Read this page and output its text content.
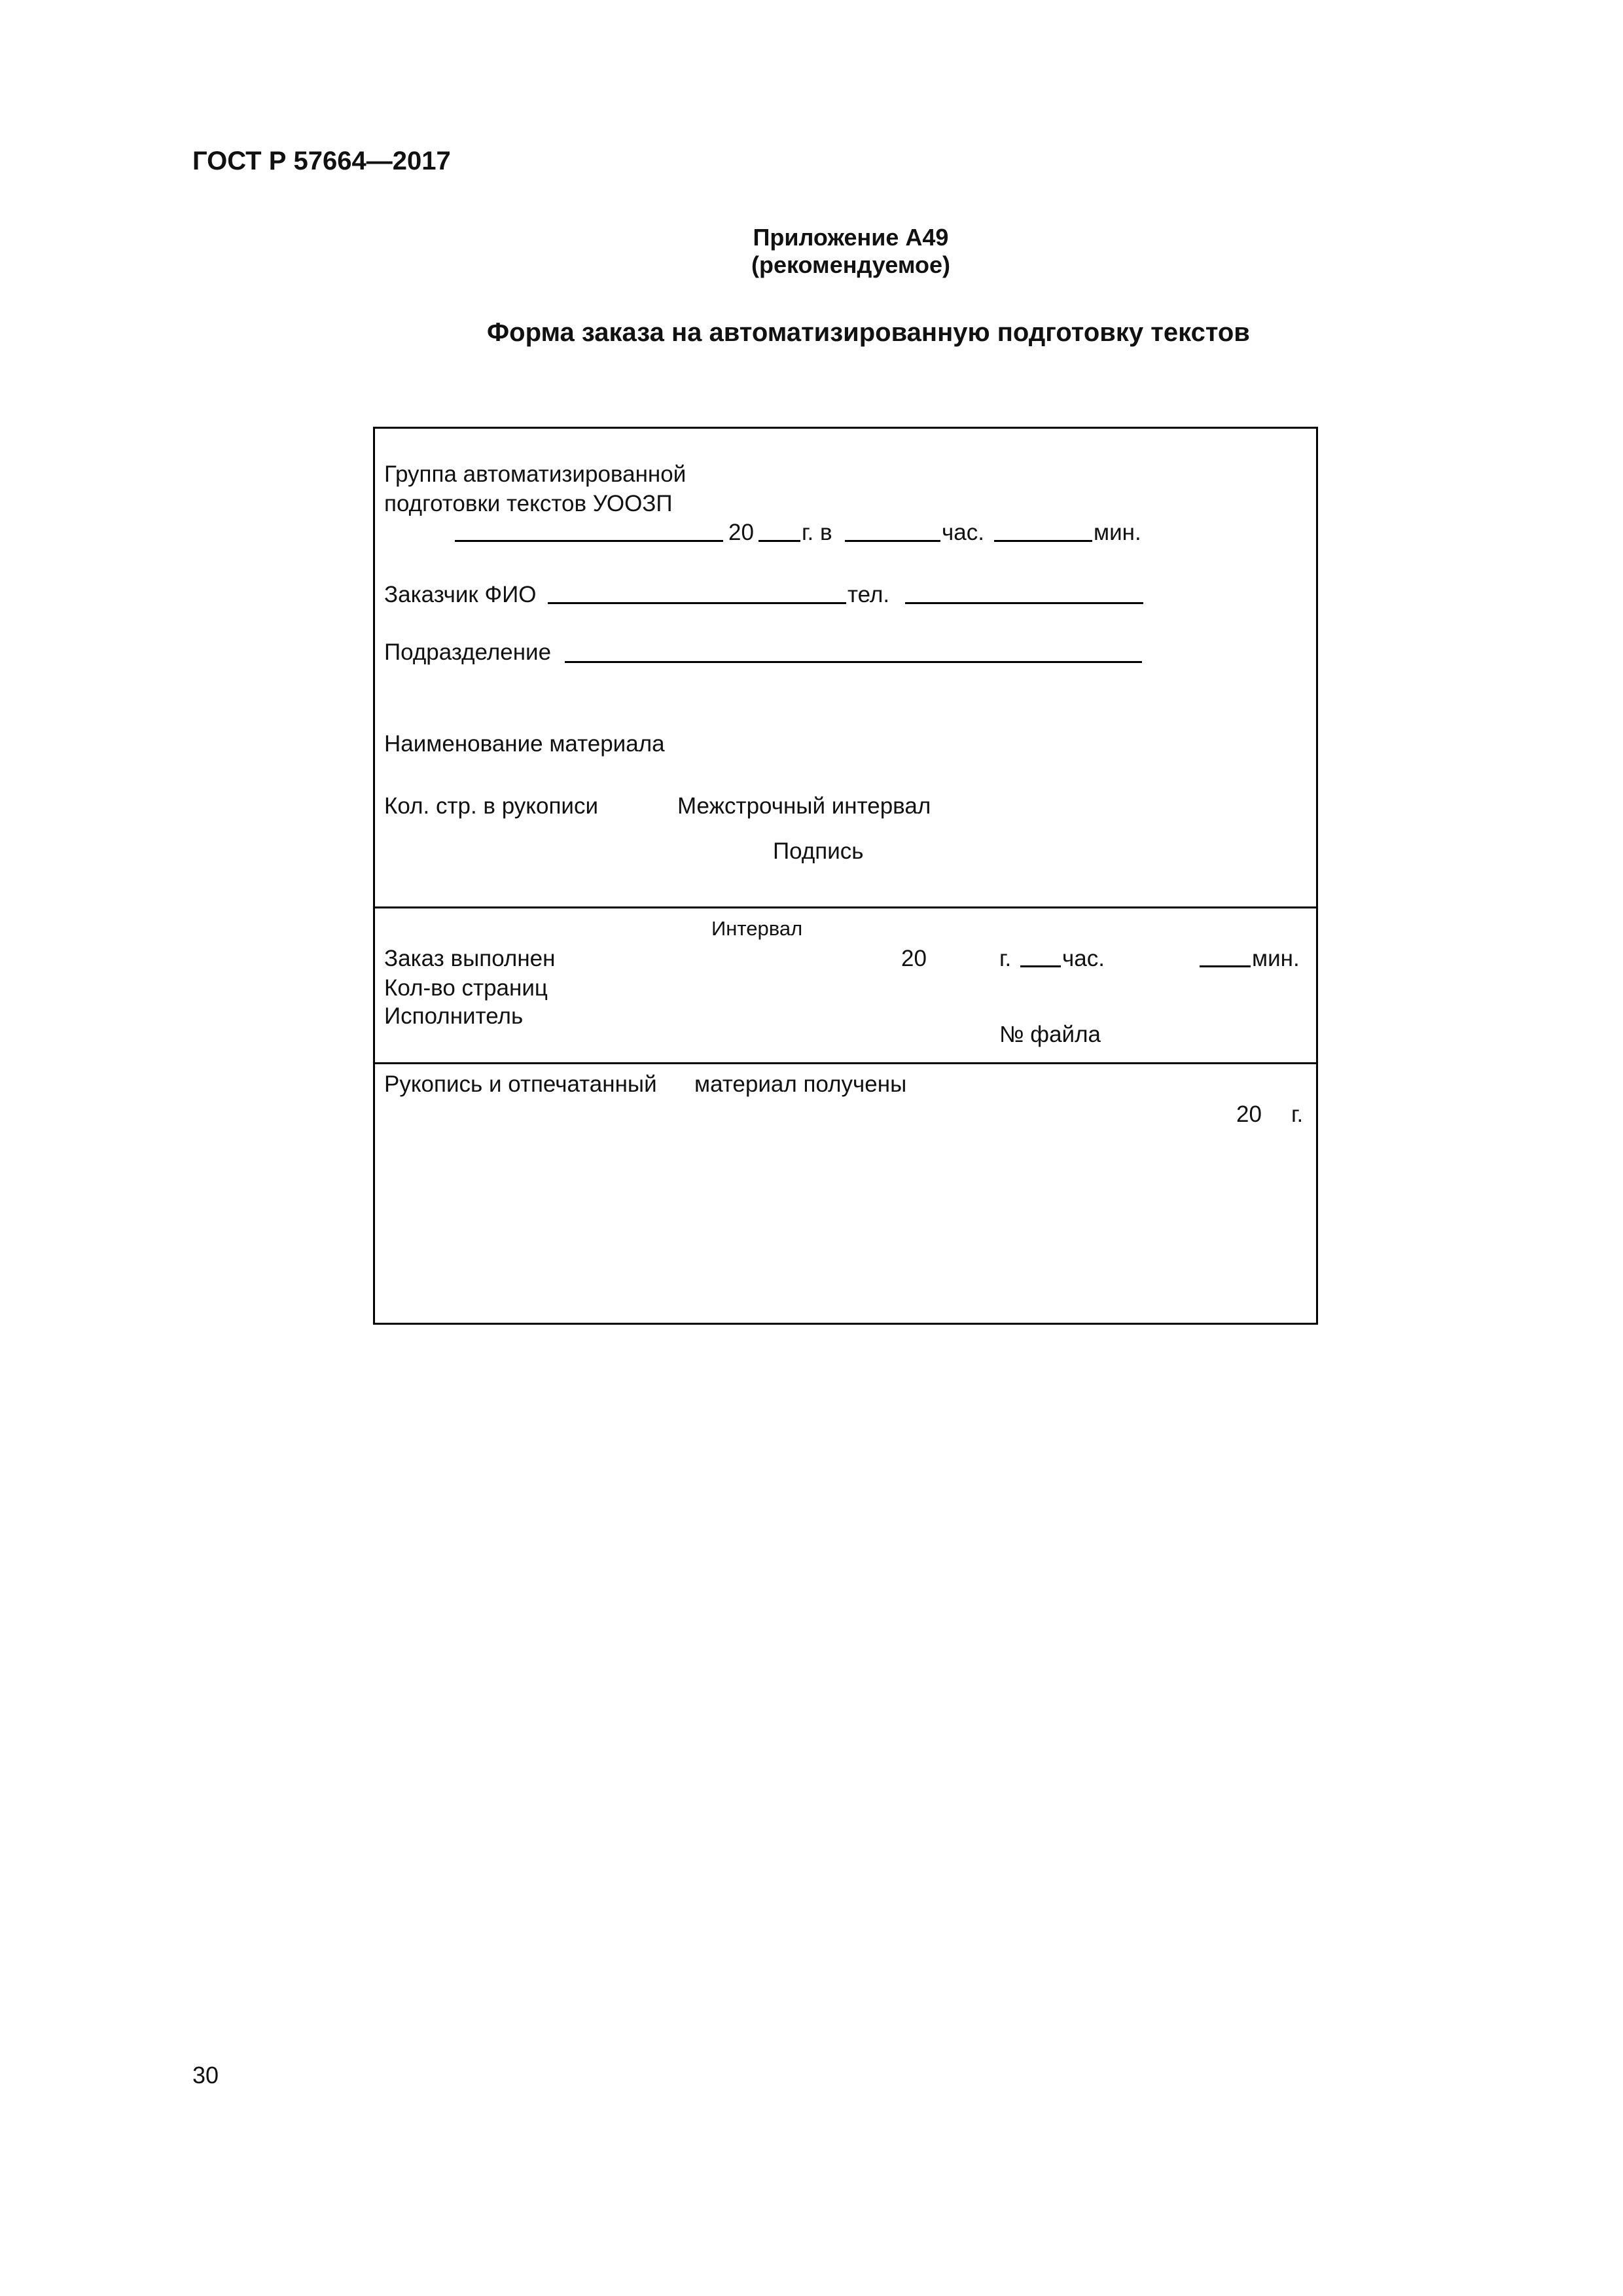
ГОСТ Р 57664—2017
Приложение А49
(рекомендуемое)
Форма заказа на автоматизированную подготовку текстов
Группа автоматизированной
подготовки текстов УООЗП
20 г. в	час.	мин.
Заказчик ФИО	тел.
Подразделение
Наименование материала
Кол. стр. в рукописи	Межстрочный интервал
Подпись
Интервал
Заказ выполнен	20	г. час.	мин.
Кол-во страниц
Исполнитель
№ файла
Рукопись и отпечатанный материал получены
20 г.
30
